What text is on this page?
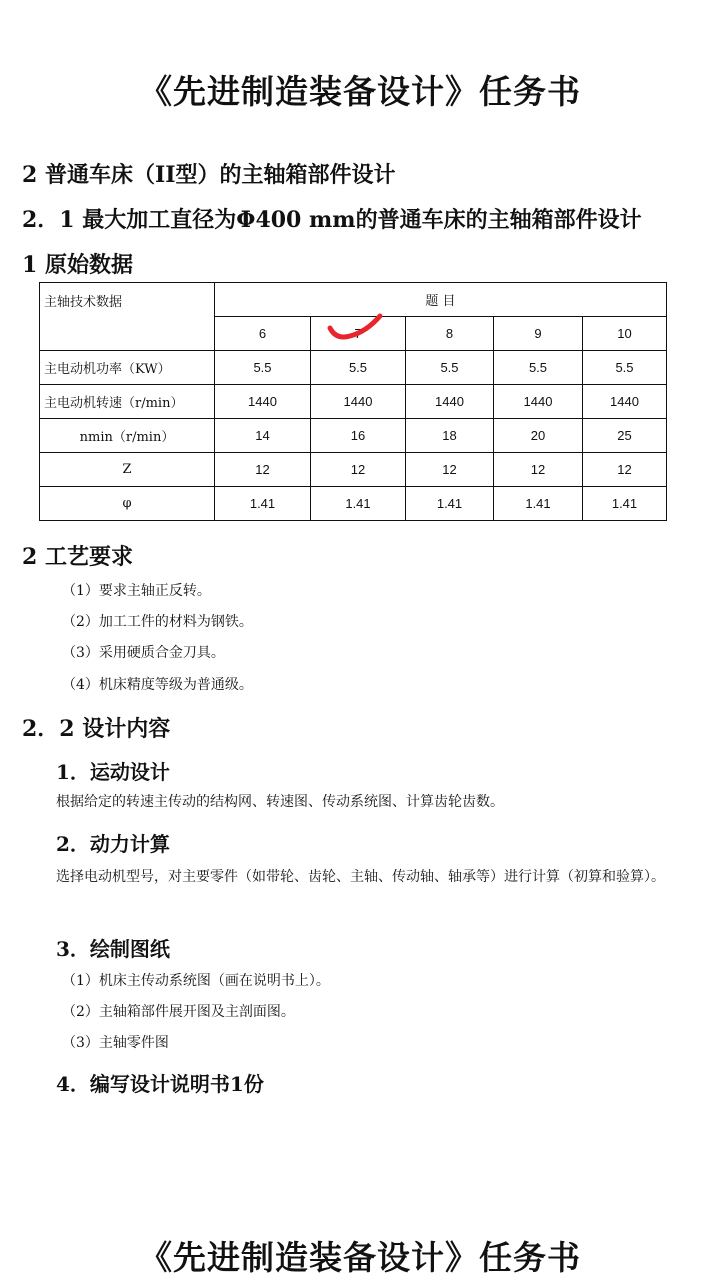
《先进制造装备设计》任务书
2 普通车床（II型）的主轴箱部件设计
2．1 最大加工直径为Φ400 mm的普通车床的主轴箱部件设计
1 原始数据
主轴技术数据	题 目				
	6	7	8	9	10
主电动机功率（KW）	5.5	5.5	5.5	5.5	5.5
主电动机转速（r/min）	1440	1440	1440	1440	1440
nmin（r/min）	14	16	18	20	25
Z	12	12	12	12	12
φ	1.41	1.41	1.41	1.41	1.41
2 工艺要求
（1）要求主轴正反转。
（2）加工工件的材料为钢铁。
（3）采用硬质合金刀具。
（4）机床精度等级为普通级。
2．2 设计内容
1．运动设计
根据给定的转速主传动的结构网、转速图、传动系统图、计算齿轮齿数。
2．动力计算
选择电动机型号，对主要零件（如带轮、齿轮、主轴、传动轴、轴承等）进行计算（初算和验算）。
3．绘制图纸
（1）机床主传动系统图（画在说明书上）。
（2）主轴箱部件展开图及主剖面图。
（3）主轴零件图
4．编写设计说明书1份
《先进制造装备设计》任务书
